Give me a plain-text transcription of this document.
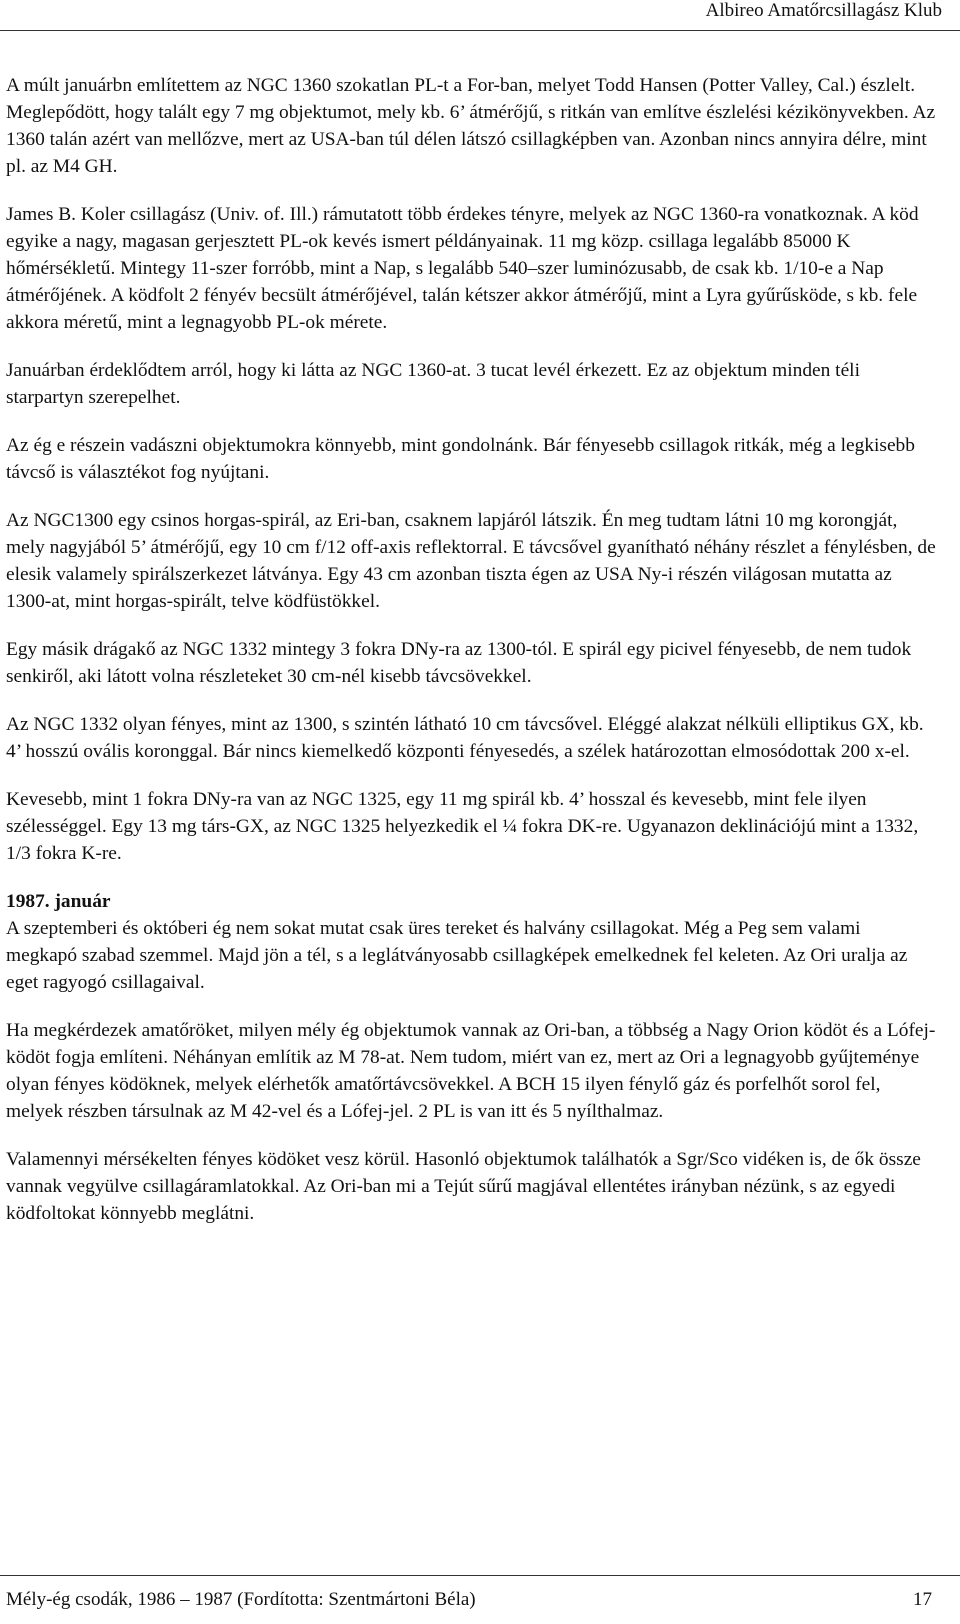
Albireo Amatőrcsillagász Klub

A múlt januárbn említettem az NGC 1360 szokatlan PL-t a For-ban, melyet Todd Hansen (Potter Valley, Cal.) észlelt. Meglepődött, hogy talált egy 7 mg objektumot, mely kb. 6’ átmérőjű, s ritkán van említve észlelési kézikönyvekben. Az 1360 talán azért van mellőzve, mert az USA-ban túl délen látszó csillagképben van. Azonban nincs annyira délre, mint pl. az M4 GH.

James B. Koler csillagász (Univ. of. Ill.) rámutatott több érdekes tényre, melyek az NGC 1360-ra vonatkoznak. A köd egyike a nagy, magasan gerjesztett PL-ok kevés ismert példányainak. 11 mg közp. csillaga legalább 85000 K hőmérsékletű. Mintegy 11-szer forróbb, mint a Nap, s legalább 540–szer luminózusabb, de csak kb. 1/10-e a Nap átmérőjének. A ködfolt 2 fényév becsült átmérőjével, talán kétszer akkor átmérőjű, mint a Lyra gyűrűsköde, s kb. fele akkora méretű, mint a legnagyobb PL-ok mérete.

Januárban érdeklődtem arról, hogy ki látta az NGC 1360-at. 3 tucat levél érkezett. Ez az objektum minden téli starpartyn szerepelhet.

Az ég e részein vadászni objektumokra könnyebb, mint gondolnánk. Bár fényesebb csillagok ritkák, még a legkisebb távcső is választékot fog nyújtani.

Az NGC1300 egy csinos horgas-spirál, az Eri-ban, csaknem lapjáról látszik. Én meg tudtam látni 10 mg korongját, mely nagyjából 5’ átmérőjű, egy 10 cm f/12 off-axis reflektorral. E távcsővel gyanítható néhány részlet a fénylésben, de elesik valamely spirálszerkezet látványa. Egy 43 cm azonban tiszta égen az USA Ny-i részén világosan mutatta az 1300-at, mint horgas-spirált, telve ködfüstökkel.

Egy másik drágakő az NGC 1332 mintegy 3 fokra DNy-ra az 1300-tól. E spirál egy picivel fényesebb, de nem tudok senkiről, aki látott volna részleteket 30 cm-nél kisebb távcsövekkel.

Az NGC 1332 olyan fényes, mint az 1300, s szintén látható 10 cm távcsővel. Eléggé alakzat nélküli elliptikus GX, kb. 4’ hosszú ovális koronggal. Bár nincs kiemelkedő központi fényesedés, a szélek határozottan elmosódottak 200 x-el.

Kevesebb, mint 1 fokra DNy-ra van az NGC 1325, egy 11 mg spirál kb. 4’ hosszal és kevesebb, mint fele ilyen szélességgel. Egy 13 mg társ-GX, az NGC 1325 helyezkedik el ¼ fokra DK-re. Ugyanazon deklinációjú mint a 1332, 1/3 fokra K-re.

1987. január

A szeptemberi és októberi ég nem sokat mutat csak üres tereket és halvány csillagokat. Még a Peg sem valami megkapó szabad szemmel. Majd jön a tél, s a leglátványosabb csillagképek emelkednek fel keleten. Az Ori uralja az eget ragyogó csillagaival.

Ha megkérdezek amatőröket, milyen mély ég objektumok vannak az Ori-ban, a többség a Nagy Orion ködöt és a Lófej-ködöt fogja említeni. Néhányan említik az M 78-at. Nem tudom, miért van ez, mert az Ori a legnagyobb gyűjteménye olyan fényes ködöknek, melyek elérhetők amatőrtávcsövekkel. A BCH 15 ilyen fénylő gáz és porfelhőt sorol fel, melyek részben társulnak az M 42-vel és a Lófej-jel. 2 PL is van itt és 5 nyílthalmaz.

Valamennyi mérsékelten fényes ködöket vesz körül. Hasonló objektumok találhatók a Sgr/Sco vidéken is, de ők össze vannak vegyülve csillagáramlatokkal. Az Ori-ban mi a Tejút sűrű magjával ellentétes irányban nézünk, s az egyedi ködfoltokat könnyebb meglátni.

Mély-ég csodák, 1986 – 1987 (Fordította: Szentmártoni Béla)	17
